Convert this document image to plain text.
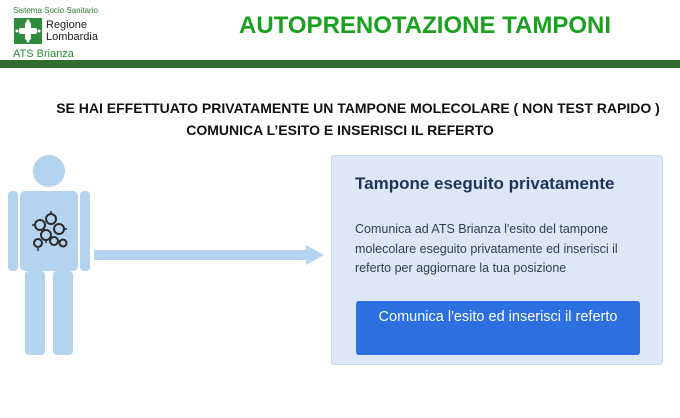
Sistema Socio Sanitario
Regione
Lombardia
ATS Brianza
AUTOPRENOTAZIONE TAMPONI
SE HAI EFFETTUATO PRIVATAMENTE UN TAMPONE MOLECOLARE ( NON TEST RAPIDO )
COMUNICA L’ESITO E INSERISCI IL REFERTO
Tampone eseguito privatamente
Comunica ad ATS Brianza l'esito del tampone molecolare eseguito privatamente ed inserisci il referto per aggiornare la tua posizione
Comunica l'esito ed inserisci il referto
